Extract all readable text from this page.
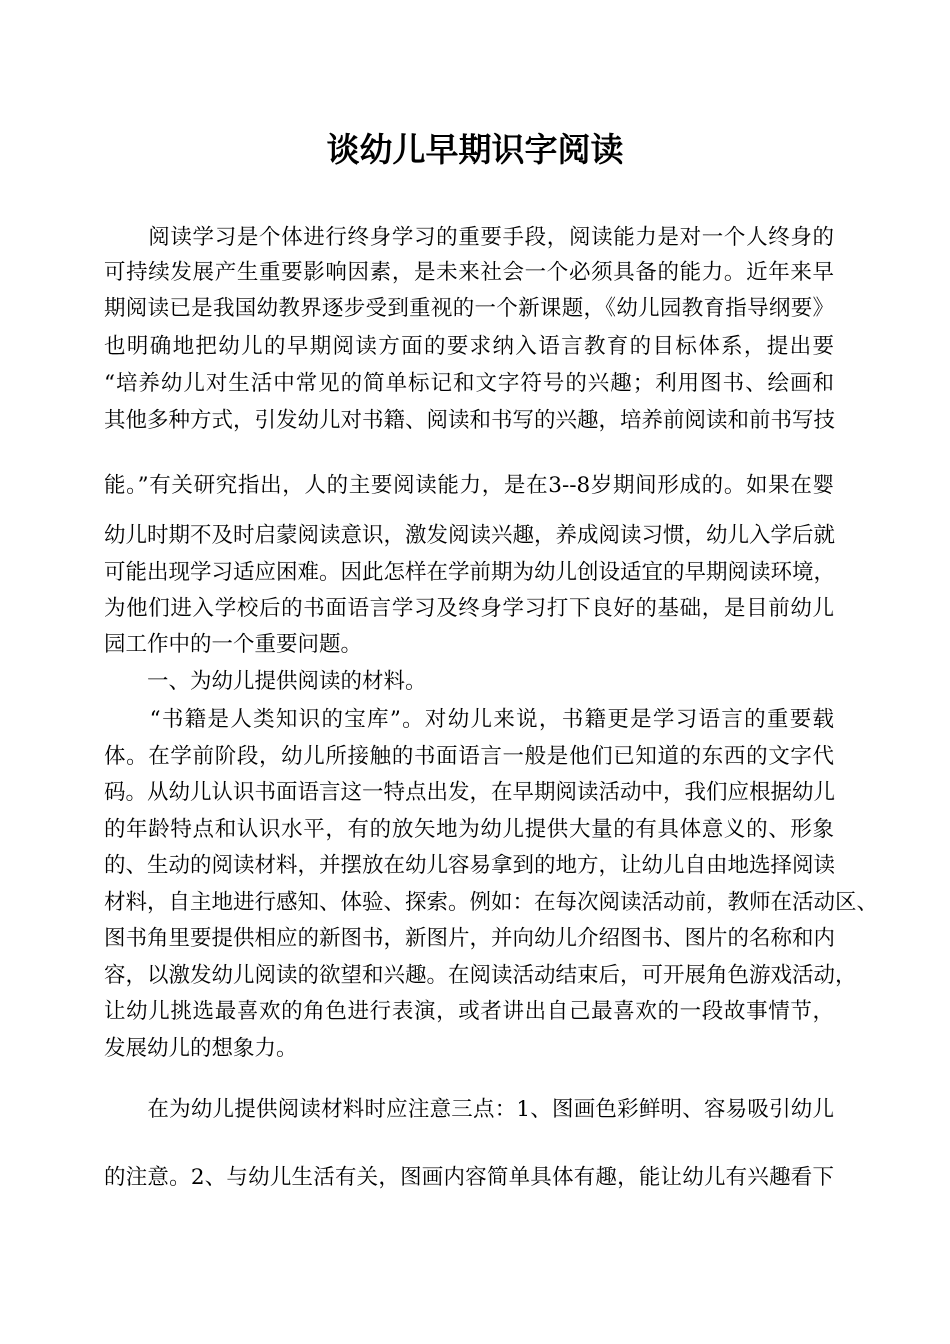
谈幼儿早期识字阅读

　　阅读学习是个体进行终身学习的重要手段，阅读能力是对一个人终身的

可持续发展产生重要影响因素，是未来社会一个必须具备的能力。近年来早

期阅读已是我国幼教界逐步受到重视的一个新课题，《幼儿园教育指导纲要》

也明确地把幼儿的早期阅读方面的要求纳入语言教育的目标体系，提出要

“培养幼儿对生活中常见的简单标记和文字符号的兴趣；利用图书、绘画和

其他多种方式，引发幼儿对书籍、阅读和书写的兴趣，培养前阅读和前书写技

能。”有关研究指出，人的主要阅读能力，是在3--8岁期间形成的。如果在婴

幼儿时期不及时启蒙阅读意识，激发阅读兴趣，养成阅读习惯，幼儿入学后就

可能出现学习适应困难。因此怎样在学前期为幼儿创设适宜的早期阅读环境，

为他们进入学校后的书面语言学习及终身学习打下良好的基础，是目前幼儿

园工作中的一个重要问题。

　　一、为幼儿提供阅读的材料。

　　“书籍是人类知识的宝库”。对幼儿来说，书籍更是学习语言的重要载

体。在学前阶段，幼儿所接触的书面语言一般是他们已知道的东西的文字代

码。从幼儿认识书面语言这一特点出发，在早期阅读活动中，我们应根据幼儿

的年龄特点和认识水平，有的放矢地为幼儿提供大量的有具体意义的、形象

的、生动的阅读材料，并摆放在幼儿容易拿到的地方，让幼儿自由地选择阅读

材料，自主地进行感知、体验、探索。例如：在每次阅读活动前，教师在活动区、

图书角里要提供相应的新图书，新图片，并向幼儿介绍图书、图片的名称和内

容，以激发幼儿阅读的欲望和兴趣。在阅读活动结束后，可开展角色游戏活动，

让幼儿挑选最喜欢的角色进行表演，或者讲出自己最喜欢的一段故事情节，

发展幼儿的想象力。

　　在为幼儿提供阅读材料时应注意三点：1、图画色彩鲜明、容易吸引幼儿

的注意。2、与幼儿生活有关，图画内容简单具体有趣，能让幼儿有兴趣看下
